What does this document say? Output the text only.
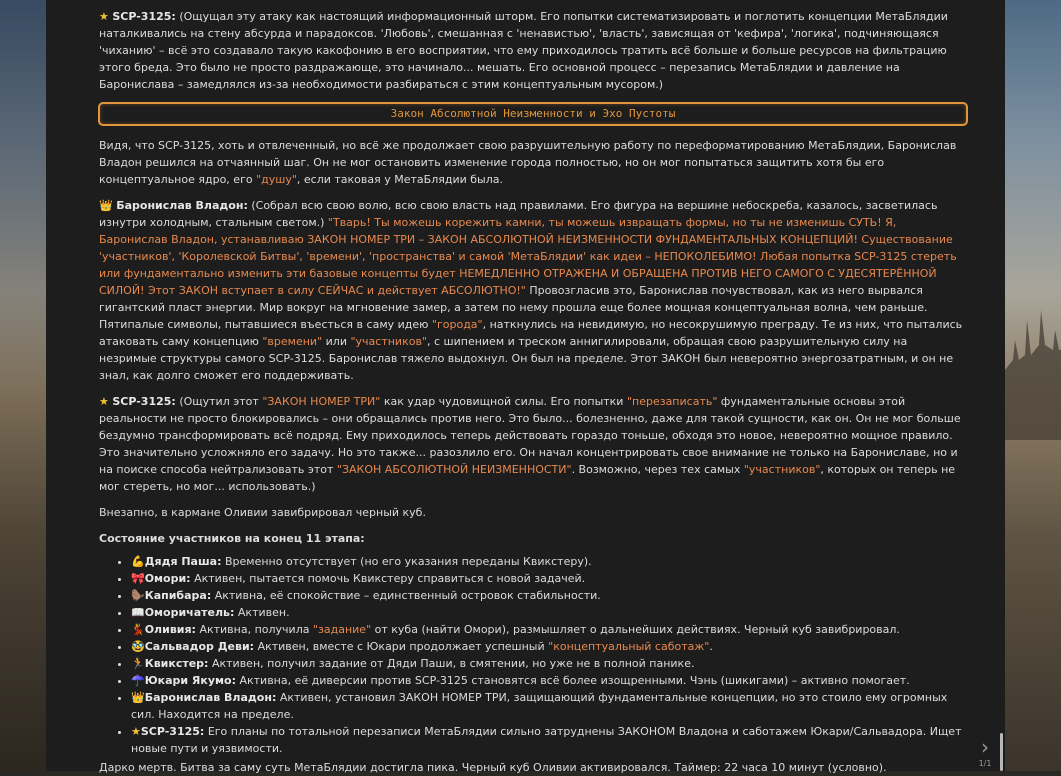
★ SCP-3125: (Ощущал эту атаку как настоящий информационный шторм. Его попытки систематизировать и поглотить концепции МетаБлядии наталкивались на стену абсурда и парадоксов. 'Любовь', смешанная с 'ненавистью', 'власть', зависящая от 'кефира', 'логика', подчиняющаяся 'чиханию' – всё это создавало такую какофонию в его восприятии, что ему приходилось тратить всё больше и больше ресурсов на фильтрацию этого бреда. Это было не просто раздражающе, это начинало... мешать. Его основной процесс – перезапись МетаБлядии и давление на Баронислава – замедлялся из-за необходимости разбираться с этим концептуальным мусором.)

Закон Абсолютной Неизменности и Эхо Пустоты

Видя, что SCP-3125, хоть и отвлеченный, но всё же продолжает свою разрушительную работу по переформатированию МетаБлядии, Баронислав Владон решился на отчаянный шаг. Он не мог остановить изменение города полностью, но он мог попытаться защитить хотя бы его концептуальное ядро, его "душу", если таковая у МетаБлядии была.

👑 Баронислав Владон: (Собрал всю свою волю, всю свою власть над правилами. Его фигура на вершине небоскреба, казалось, засветилась изнутри холодным, стальным светом.) "Тварь! Ты можешь корежить камни, ты можешь извращать формы, но ты не изменишь СУТЬ! Я, Баронислав Владон, устанавливаю ЗАКОН НОМЕР ТРИ – ЗАКОН АБСОЛЮТНОЙ НЕИЗМЕННОСТИ ФУНДАМЕНТАЛЬНЫХ КОНЦЕПЦИЙ! Существование 'участников', 'Королевской Битвы', 'времени', 'пространства' и самой 'МетаБлядии' как идеи – НЕПОКОЛЕБИМО! Любая попытка SCP-3125 стереть или фундаментально изменить эти базовые концепты будет НЕМЕДЛЕННО ОТРАЖЕНА И ОБРАЩЕНА ПРОТИВ НЕГО САМОГО С УДЕСЯТЕРЁННОЙ СИЛОЙ! Этот ЗАКОН вступает в силу СЕЙЧАС и действует АБСОЛЮТНО!" Провозгласив это, Баронислав почувствовал, как из него вырвался гигантский пласт энергии. Мир вокруг на мгновение замер, а затем по нему прошла еще более мощная концептуальная волна, чем раньше. Пятипалые символы, пытавшиеся въесться в саму идею "города", наткнулись на невидимую, но несокрушимую преграду. Те из них, что пытались атаковать саму концепцию "времени" или "участников", с шипением и треском аннигилировали, обращая свою разрушительную силу на незримые структуры самого SCP-3125. Баронислав тяжело выдохнул. Он был на пределе. Этот ЗАКОН был невероятно энергозатратным, и он не знал, как долго сможет его поддерживать.

★ SCP-3125: (Ощутил этот "ЗАКОН НОМЕР ТРИ" как удар чудовищной силы. Его попытки "перезаписать" фундаментальные основы этой реальности не просто блокировались – они обращались против него. Это было... болезненно, даже для такой сущности, как он. Он не мог больше бездумно трансформировать всё подряд. Ему приходилось теперь действовать гораздо тоньше, обходя это новое, невероятно мощное правило. Это значительно усложняло его задачу. Но это также... разозлило его. Он начал концентрировать свое внимание не только на Барониславе, но и на поиске способа нейтрализовать этот "ЗАКОН АБСОЛЮТНОЙ НЕИЗМЕННОСТИ". Возможно, через тех самых "участников", которых он теперь не мог стереть, но мог... использовать.)

Внезапно, в кармане Оливии завибрировал черный куб.

Состояние участников на конец 11 этапа:

• 💪Дядя Паша: Временно отсутствует (но его указания переданы Квикстеру).
• 🎀Омори: Активен, пытается помочь Квикстеру справиться с новой задачей.
• 🦫Капибара: Активна, её спокойствие – единственный островок стабильности.
• 📖Оморичатель: Активен.
• 💃Оливия: Активна, получила "задание" от куба (найти Омори), размышляет о дальнейших действиях. Черный куб завибрировал.
• 🥸Сальвадор Деви: Активен, вместе с Юкари продолжает успешный "концептуальный саботаж".
• 🏃Квикстер: Активен, получил задание от Дяди Паши, в смятении, но уже не в полной панике.
• ☂️Юкари Якумо: Активна, её диверсии против SCP-3125 становятся всё более изощренными. Чэнь (шикигами) – активно помогает.
• 👑Баронислав Владон: Активен, установил ЗАКОН НОМЕР ТРИ, защищающий фундаментальные концепции, но это стоило ему огромных сил. Находится на пределе.
• ★SCP-3125: Его планы по тотальной перезаписи МетаБлядии сильно затруднены ЗАКОНОМ Владона и саботажем Юкари/Сальвадора. Ищет новые пути и уязвимости.

Дарко мертв. Битва за саму суть МетаБлядии достигла пика. Черный куб Оливии активировался. Таймер: 22 часа 10 минут (условно).

›
1/1
